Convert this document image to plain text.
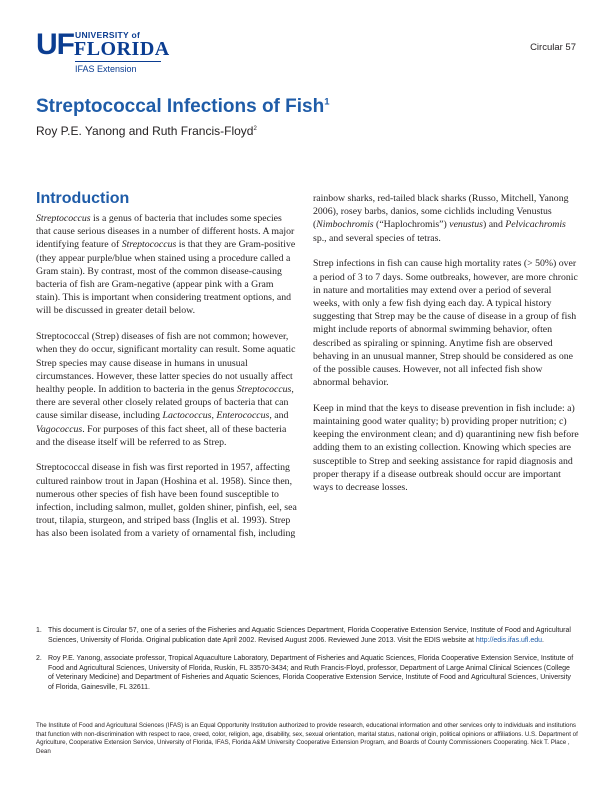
UF UNIVERSITY of
FLORIDA
IFAS Extension
Circular 57
Streptococcal Infections of Fish$^1$
Roy P.E. Yanong and Ruth Francis-Floyd$^2$
Introduction

Streptococcus is a genus of bacteria that includes some species that cause serious diseases in a number of different hosts. A major identifying feature of Streptococcus is that they are Gram-positive (they appear purple/blue when stained using a procedure called a Gram stain). By contrast, most of the common disease-causing bacteria of fish are Gram-negative (appear pink with a Gram stain). This is important when considering treatment options, and will be discussed in greater detail below.

Streptococcal (Strep) diseases of fish are not common; however, when they do occur, significant mortality can result. Some aquatic Strep species may cause disease in humans in unusual circumstances. However, these latter species do not usually affect healthy people. In addition to bacteria in the genus Streptococcus, there are several other closely related groups of bacteria that can cause similar disease, including Lactococcus, Enterococcus, and Vagococcus. For purposes of this fact sheet, all of these bacteria and the disease itself will be referred to as Strep.

Streptococcal disease in fish was first reported in 1957, affecting cultured rainbow trout in Japan (Hoshina et al. 1958). Since then, numerous other species of fish have been found susceptible to infection, including salmon, mullet, golden shiner, pinfish, eel, sea trout, tilapia, sturgeon, and striped bass (Inglis et al. 1993). Strep has also been isolated from a variety of ornamental fish, including

rainbow sharks, red-tailed black sharks (Russo, Mitchell, Yanong 2006), rosey barbs, danios, some cichlids including Venustus (Nimbochromis (“Haplochromis”) venustus) and Pelvicachromis sp., and several species of tetras.

Strep infections in fish can cause high mortality rates (> 50%) over a period of 3 to 7 days. Some outbreaks, however, are more chronic in nature and mortalities may extend over a period of several weeks, with only a few fish dying each day. A typical history suggesting that Strep may be the cause of disease in a group of fish might include reports of abnormal swimming behavior, often described as spiraling or spinning. Anytime fish are observed behaving in an unusual manner, Strep should be considered as one of the possible causes. However, not all infected fish show abnormal behavior.

Keep in mind that the keys to disease prevention in fish include: a) maintaining good water quality; b) providing proper nutrition; c) keeping the environment clean; and d) quarantining new fish before adding them to an existing collection. Knowing which species are susceptible to Strep and seeking assistance for rapid diagnosis and proper therapy if a disease outbreak should occur are important ways to decrease losses.

1. This document is Circular 57, one of a series of the Fisheries and Aquatic Sciences Department, Florida Cooperative Extension Service, Institute of Food and Agricultural Sciences, University of Florida. Original publication date April 2002. Revised August 2006. Reviewed June 2013. Visit the EDIS website at http://edis.ifas.ufl.edu.
2. Roy P.E. Yanong, associate professor, Tropical Aquaculture Laboratory, Department of Fisheries and Aquatic Sciences, Florida Cooperative Extension Service, Institute of Food and Agricultural Sciences, University of Florida, Ruskin, FL 33570-3434; and Ruth Francis-Floyd, professor, Department of Large Animal Clinical Sciences (College of Veterinary Medicine) and Department of Fisheries and Aquatic Sciences, Florida Cooperative Extension Service, Institute of Food and Agricultural Sciences, University of Florida, Gainesville, FL 32611.
The Institute of Food and Agricultural Sciences (IFAS) is an Equal Opportunity Institution authorized to provide research, educational information and other services only to individuals and institutions that function with non-discrimination with respect to race, creed, color, religion, age, disability, sex, sexual orientation, marital status, national origin, political opinions or affiliations. U.S. Department of Agriculture, Cooperative Extension Service, University of Florida, IFAS, Florida A&M University Cooperative Extension Program, and Boards of County Commissioners Cooperating. Nick T. Place , Dean
